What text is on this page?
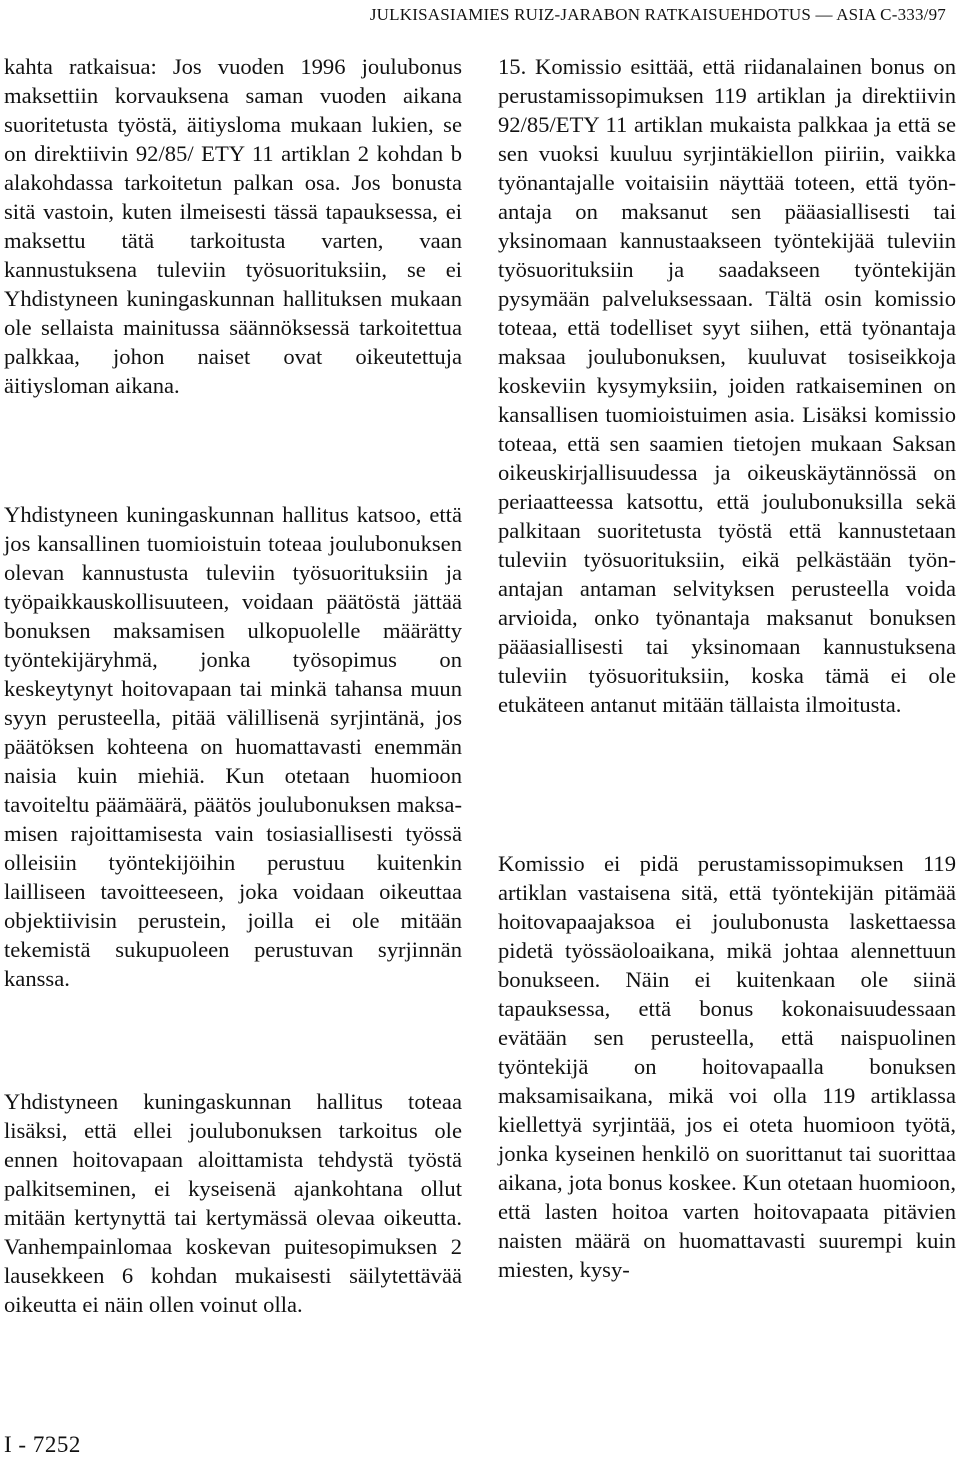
JULKISASIAMIES RUIZ-JARABON RATKAISUEHDOTUS — ASIA C-333/97

kahta ratkaisua: Jos vuoden 1996 joulubonus maksettiin korvauksena saman vuoden aikana suoritetusta työstä, äitiysloma mukaan lukien, se on direktiivin 92/85/ ETY 11 artiklan 2 kohdan b alakohdassa tarkoitetun palkan osa. Jos bonusta sitä vastoin, kuten ilmeisesti tässä tapauksessa, ei maksettu tätä tarkoitusta varten, vaan kannustuksena tuleviin työsuorituksiin, se ei Yhdistyneen kuningaskunnan hallituksen mukaan ole sellaista mainitussa säännöksessä tarkoitettua palkkaa, johon naiset ovat oikeutettuja äitiysloman aikana.

Yhdistyneen kuningaskunnan hallitus katsoo, että jos kansallinen tuomioistuin toteaa joulubonuksen olevan kannustusta tuleviin työsuorituksiin ja työpaikkauskollisuuteen, voidaan päätöstä jättää bonuksen maksamisen ulkopuolelle määrätty työntekijäryhmä, jonka työsopimus on keskeytynyt hoitovapaan tai minkä tahansa muun syyn perusteella, pitää välillisenä syrjintänä, jos päätöksen kohteena on huomattavasti enemmän naisia kuin miehiä. Kun otetaan huomioon tavoiteltu päämäärä, päätös joulubonuksen maksamisen rajoittamisesta vain tosiasiallisesti työssä olleisiin työntekijöihin perustuu kuitenkin lailliseen tavoitteeseen, joka voidaan oikeuttaa objektiivisin perustein, joilla ei ole mitään tekemistä sukupuoleen perustuvan syrjinnän kanssa.

Yhdistyneen kuningaskunnan hallitus toteaa lisäksi, että ellei joulubonuksen tarkoitus ole ennen hoitovapaan aloittamista tehdystä työstä palkitseminen, ei kyseisenä ajankohtana ollut mitään kertynyttä tai kertymässä olevaa oikeutta. Vanhempainlomaa koskevan puitesopimuksen 2 lausekkeen 6 kohdan mukaisesti säilytettävää oikeutta ei näin ollen voinut olla.

15. Komissio esittää, että riidanalainen bonus on perustamissopimuksen 119 artiklan ja direktiivin 92/85/ETY 11 artiklan mukaista palkkaa ja että se sen vuoksi kuuluu syrjintäkiellon piiriin, vaikka työnantajalle voitaisiin näyttää toteen, että työnantaja on maksanut sen pääasiallisesti tai yksinomaan kannustaakseen työntekijää tuleviin työsuorituksiin ja saadakseen työntekijän pysymään palveluksessaan. Tältä osin komissio toteaa, että todelliset syyt siihen, että työnantaja maksaa joulubonuksen, kuuluvat tosiseikkoja koskeviin kysymyksiin, joiden ratkaiseminen on kansallisen tuomioistuimen asia. Lisäksi komissio toteaa, että sen saamien tietojen mukaan Saksan oikeuskirjallisuudessa ja oikeuskäytännössä on periaatteessa katsottu, että joulubonuksilla sekä palkitaan suoritetusta työstä että kannustetaan tuleviin työsuorituksiin, eikä pelkästään työnantajan antaman selvityksen perusteella voida arvioida, onko työnantaja maksanut bonuksen pääasiallisesti tai yksinomaan kannustuksena tuleviin työsuorituksiin, koska tämä ei ole etukäteen antanut mitään tällaista ilmoitusta.

Komissio ei pidä perustamissopimuksen 119 artiklan vastaisena sitä, että työntekijän pitämää hoitovapaajaksoa ei joulubonusta laskettaessa pidetä työssäoloaikana, mikä johtaa alennettuun bonukseen. Näin ei kuitenkaan ole siinä tapauksessa, että bonus kokonaisuudessaan evätään sen perusteella, että naispuolinen työntekijä on hoitovapaalla bonuksen maksamisaikana, mikä voi olla 119 artiklassa kiellettyä syrjintää, jos ei oteta huomioon työtä, jonka kyseinen henkilö on suorittanut tai suorittaa aikana, jota bonus koskee. Kun otetaan huomioon, että lasten hoitoa varten hoitovapaata pitävien naisten määrä on huomattavasti suurempi kuin miesten, kysy-

I - 7252
